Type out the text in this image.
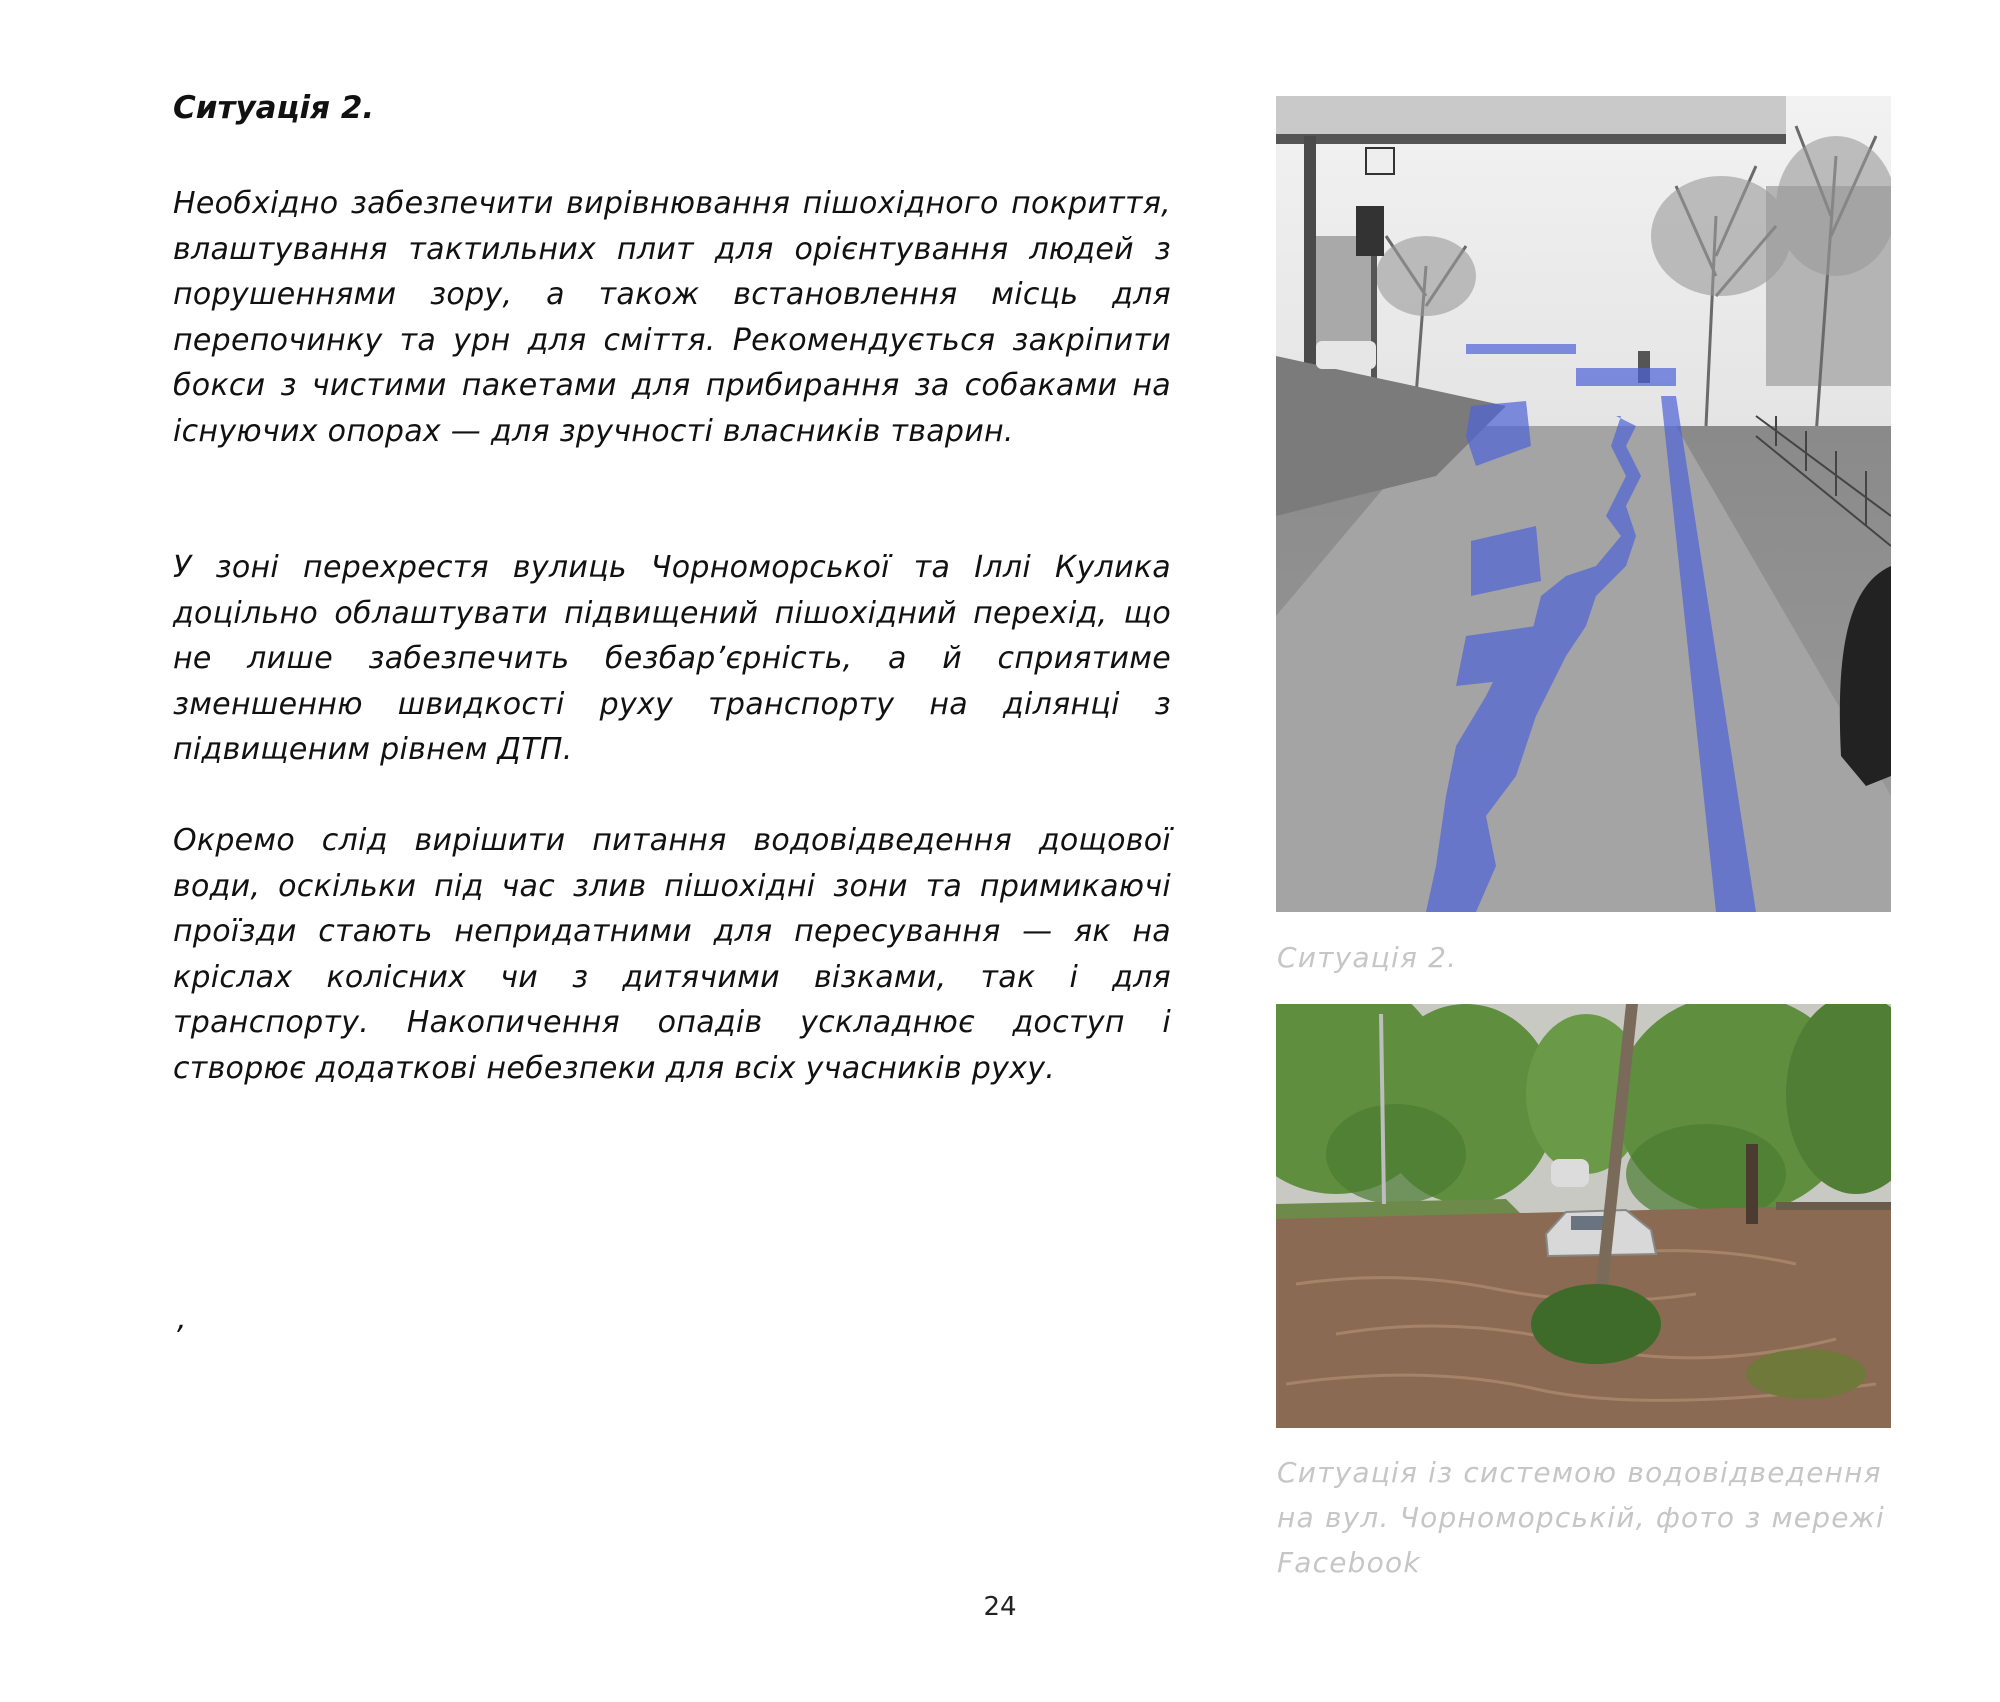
Ситуація 2.

Необхідно забезпечити вирівнювання пішохідного покриття, влаштування тактильних плит для орієнтування людей з порушеннями зору, а також встановлення місць для перепочинку та урн для сміття. Рекомендується закріпити бокси з чистими пакетами для прибирання за собаками на існуючих опорах — для зручності власників тварин.

У зоні перехрестя вулиць Чорноморської та Іллі Кулика доцільно облаштувати підвищений пішохідний перехід, що не лише забезпечить безбар’єрність, а й сприятиме зменшенню швидкості руху транспорту на ділянці з підвищеним рівнем ДТП.

Окремо слід вирішити питання водовідведення дощової води, оскільки під час злив пішохідні зони та примикаючі проїзди стають непридатними для пересування — як на кріслах колісних чи з дитячими візками, так і для транспорту. Накопичення опадів ускладнює доступ і створює додаткові небезпеки для всіх учасників руху.

’

Ситуація 2.

Ситуація із системою водовідведення на вул. Чорноморській, фото з мережі Facebook

24
